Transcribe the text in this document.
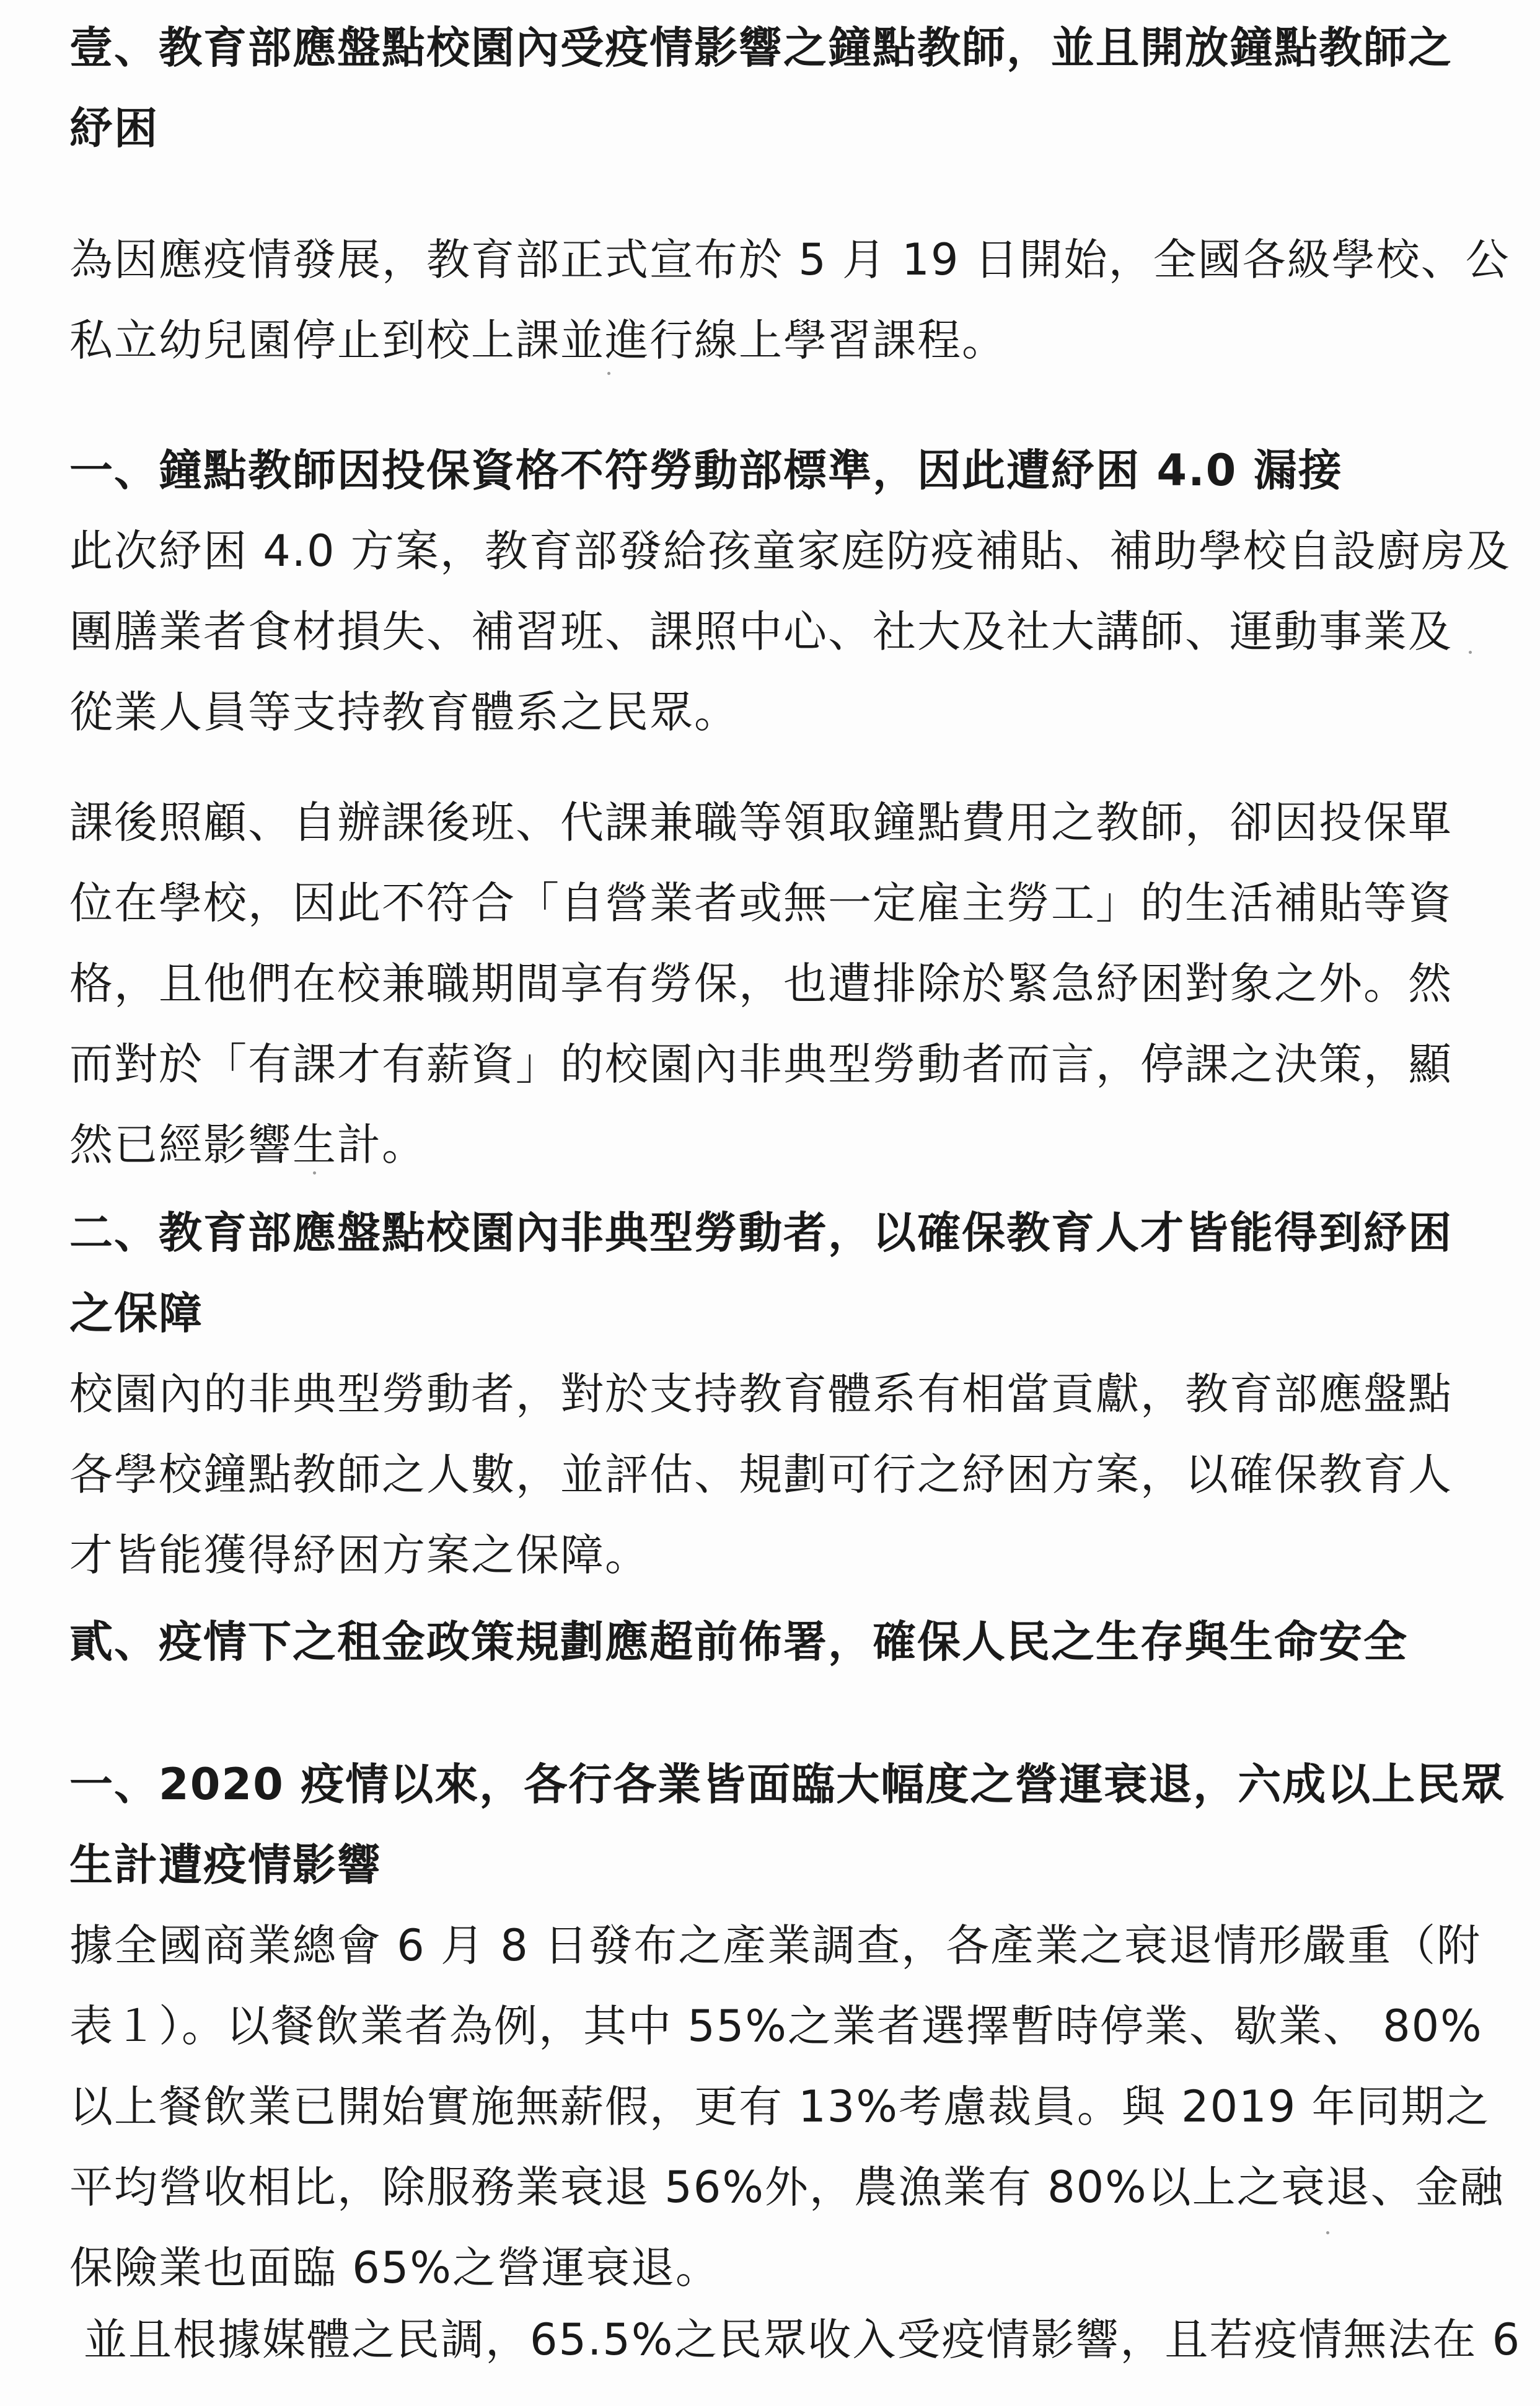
壹、教育部應盤點校園內受疫情影響之鐘點教師，並且開放鐘點教師之
紓困
為因應疫情發展，教育部正式宣布於 5 月 19 日開始，全國各級學校、公
私立幼兒園停止到校上課並進行線上學習課程。
一、鐘點教師因投保資格不符勞動部標準，因此遭紓困 4.0 漏接
此次紓困 4.0 方案，教育部發給孩童家庭防疫補貼、補助學校自設廚房及
團膳業者食材損失、補習班、課照中心、社大及社大講師、運動事業及
從業人員等支持教育體系之民眾。
課後照顧、自辦課後班、代課兼職等領取鐘點費用之教師，卻因投保單
位在學校，因此不符合「自營業者或無一定雇主勞工」的生活補貼等資
格，且他們在校兼職期間享有勞保，也遭排除於緊急紓困對象之外。然
而對於「有課才有薪資」的校園內非典型勞動者而言，停課之決策，顯
然已經影響生計。
二、教育部應盤點校園內非典型勞動者，以確保教育人才皆能得到紓困
之保障
校園內的非典型勞動者，對於支持教育體系有相當貢獻，教育部應盤點
各學校鐘點教師之人數，並評估、規劃可行之紓困方案，以確保教育人
才皆能獲得紓困方案之保障。
貳、疫情下之租金政策規劃應超前佈署，確保人民之生存與生命安全
一、2020 疫情以來，各行各業皆面臨大幅度之營運衰退，六成以上民眾
生計遭疫情影響
據全國商業總會 6 月 8 日發布之產業調查，各產業之衰退情形嚴重（附
表１）。以餐飲業者為例，其中 55%之業者選擇暫時停業、歇業、 80%
以上餐飲業已開始實施無薪假，更有 13%考慮裁員。與 2019 年同期之
平均營收相比，除服務業衰退 56%外，農漁業有 80%以上之衰退、金融
保險業也面臨 65%之營運衰退。
並且根據媒體之民調，65.5%之民眾收入受疫情影響，且若疫情無法在 6
